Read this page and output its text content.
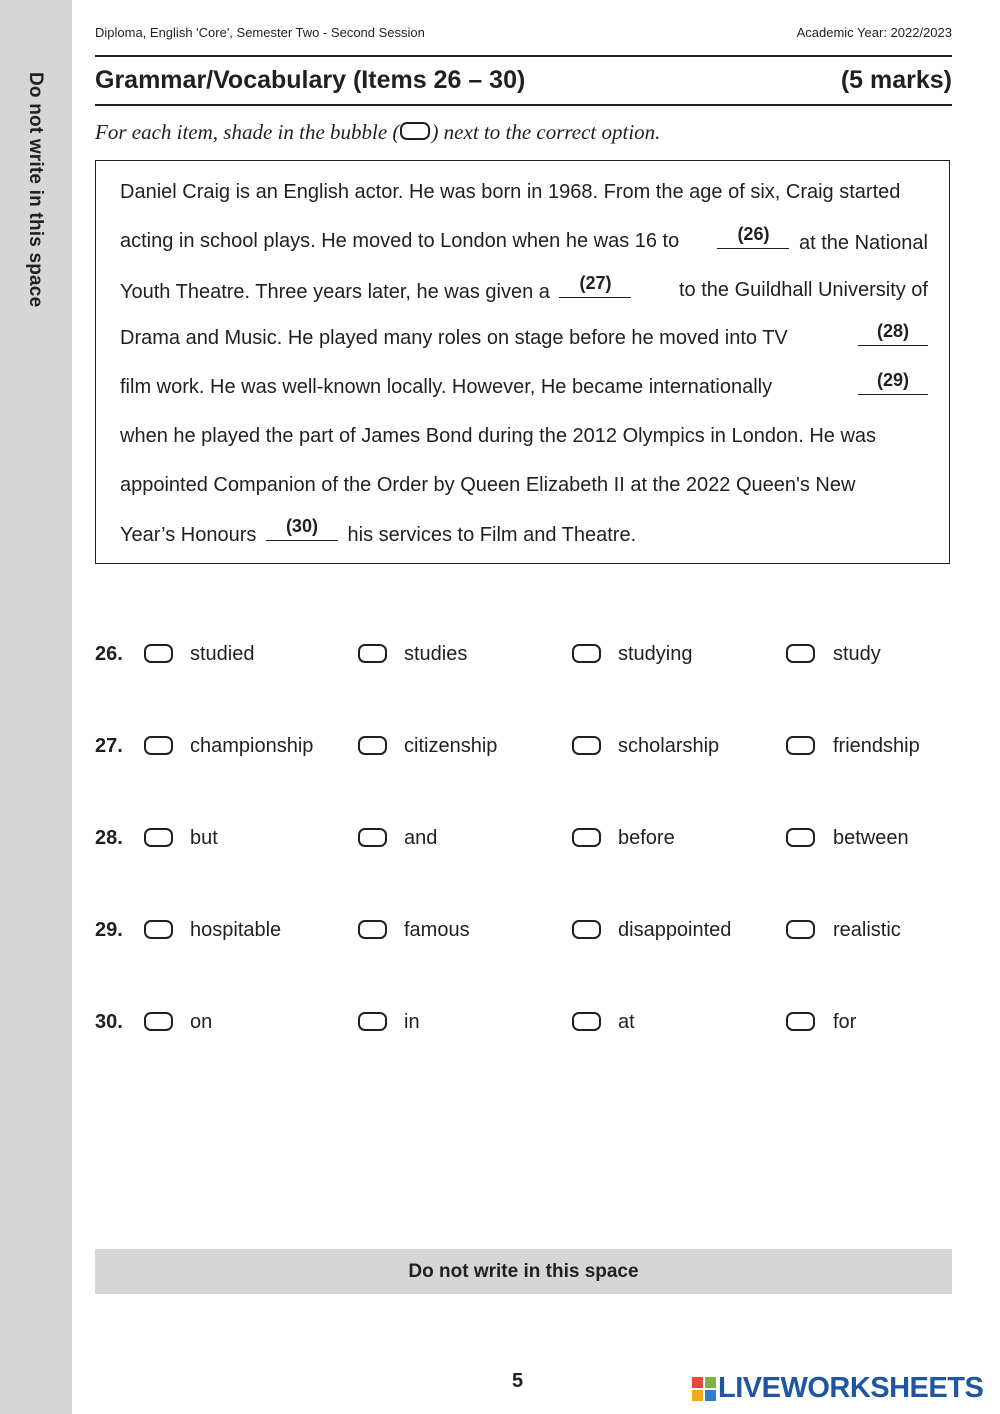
Do not write in this space
Diploma, English 'Core', Semester Two - Second Session	Academic Year: 2022/2023
Grammar/Vocabulary (Items 26 – 30)	(5 marks)
For each item, shade in the bubble ( ) next to the correct option.
Daniel Craig is an English actor. He was born in 1968. From the age of six, Craig started
acting in school plays. He moved to London when he was 16 to	(26)	at the National
Youth Theatre. Three years later, he was given a	(27)	to the Guildhall University of
Drama and Music. He played many roles on stage before he moved into TV	(28)
film work. He was well-known locally. However, He became internationally	(29)
when he played the part of James Bond during the 2012 Olympics in London. He was
appointed Companion of the Order by Queen Elizabeth II at the 2022 Queen's New
Year’s Honours	(30)	his services to Film and Theatre.
26.	studied	studies	studying	study
27.	championship	citizenship	scholarship	friendship
28.	but	and	before	between
29.	hospitable	famous	disappointed	realistic
30.	on	in	at	for
Do not write in this space
5	LIVEWORKSHEETS
